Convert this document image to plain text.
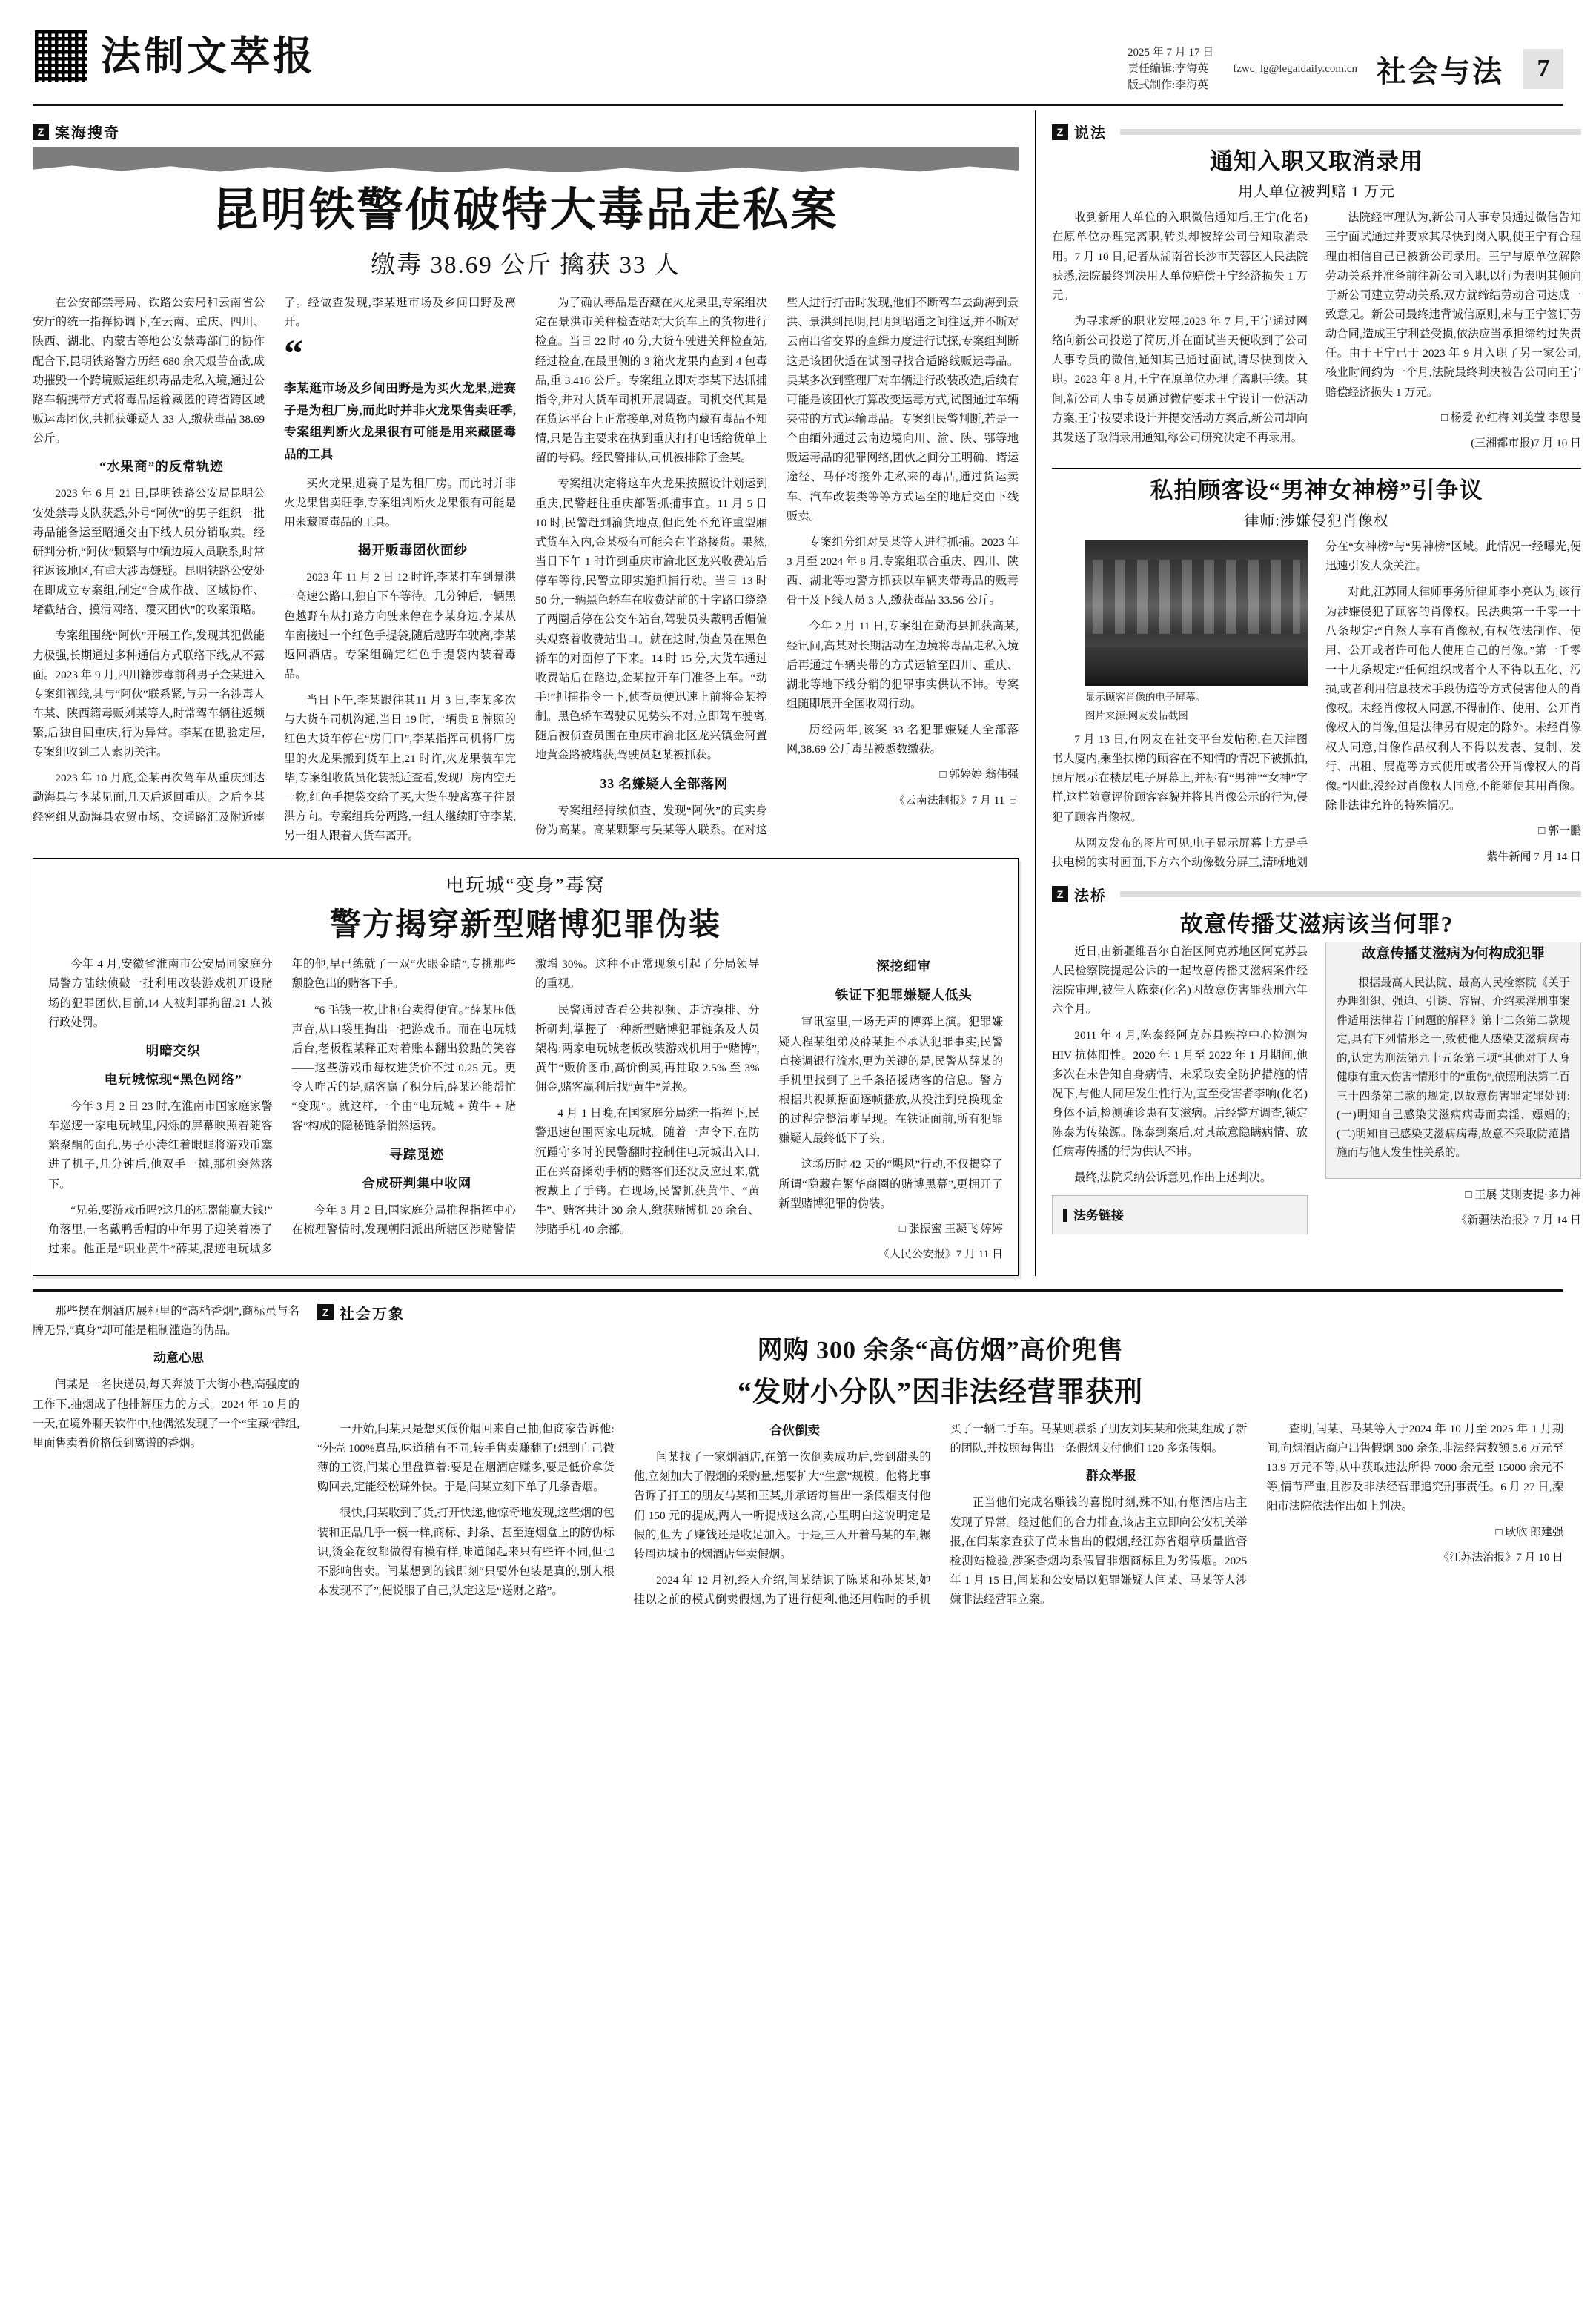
法制文萃报	2025 年 7 月 17 日
责任编辑:李海英
版式制作:李海英
fzwc_lg@legaldaily.com.cn 社会与法	7
Z 案海搜奇
昆明铁警侦破特大毒品走私案
缴毒 38.69 公斤 擒获 33 人

在公安部禁毒局、铁路公安局和云南省公安厅的统一指挥协调下,在云南、重庆、四川、陕西、湖北、内蒙古等地公安禁毒部门的协作配合下,昆明铁路警方历经 680 余天艰苦奋战,成功摧毁一个跨境贩运组织毒品走私入境,通过公路车辆携带方式将毒品运输藏匿的跨省跨区域贩运毒团伙,共抓获嫌疑人 33 人,缴获毒品 38.69 公斤。

“水果商”的反常轨迹

2023 年 6 月 21 日,昆明铁路公安局昆明公安处禁毒支队获悉,外号“阿伙”的男子组织一批毒品能备运至昭通交由下线人员分销取卖。经研判分析,“阿伙”颗繁与中缅边境人员联系,时常往返该地区,有重大涉毒嫌疑。昆明铁路公安处在即成立专案组,制定“合成作战、区域协作、堵截结合、摸清网络、覆灭团伙”的攻案策略。

专案组围绕“阿伙”开展工作,发现其犯做能力极强,长期通过多种通信方式联络下线,从不露面。2023 年 9 月,四川籍涉毒前科男子金某进入专案组视线,其与“阿伙”联系紧,与另一名涉毒人车某、陕西籍毒贩刘某等人,时常驾车辆往返频繁,后独自回重庆,行为异常。李某在勘验定居,专案组收到二人索切关注。

2023 年 10 月底,金某再次驾车从重庆到达勐海县与李某见面,几天后返回重庆。之后李某经密组从勐海县农贸市场、交通路汇及附近瘗子。经做查发现,李某逛市场及乡间田野及离开。

“
李某逛市场及乡间田野是为买火龙果,进赛子是为租厂房,而此时并非火龙果售卖旺季,专案组判断火龙果很有可能是用来藏匿毒品的工具

买火龙果,进赛子是为租厂房。而此时并非火龙果售卖旺季,专案组判断火龙果很有可能是用来藏匿毒品的工具。

揭开贩毒团伙面纱

2023 年 11 月 2 日 12 时许,李某打车到景洪一高速公路口,独自下车等待。几分钟后,一辆黑色越野车从打路方向驶来停在李某身边,李某从车窗接过一个红色手提袋,随后越野车驶离,李某返回酒店。专案组确定红色手提袋内装着毒品。

当日下午,李某跟往其11 月 3 日,李某多次与大货车司机沟通,当日 19 时,一辆贵 E 牌照的红色大货车停在“房门口”,李某指挥司机将厂房里的火龙果搬到货车上,21 时许,火龙果装车完毕,专案组收货员化装抵近查看,发现厂房内空无一物,红色手提袋交给了买,大货车驶离赛子往景洪方向。专案组兵分两路,一组人继续盯守李某,另一组人跟着大货车离开。

为了确认毒品是否藏在火龙果里,专案组决定在景洪市关秤检查站对大货车上的货物进行检查。当日 22 时 40 分,大货车驶进关秤检查站,经过检查,在最里侧的 3 箱火龙果内查到 4 包毒品,重 3.416 公斤。专案组立即对李某下达抓捕指令,并对大货车司机开展调查。司机交代其是在货运平台上正常接单,对货物内藏有毒品不知情,只是告主要求在执到重庆打打电话给货单上留的号码。经民警排认,司机被排除了金某。

专案组决定将这车火龙果按照设计划运到重庆,民警赶往重庆部署抓捕事宜。11 月 5 日 10 时,民警赶到渝货地点,但此处不允许重型厢式货车入内,金某极有可能会在半路接货。果然,当日下午 1 时许到重庆市渝北区龙兴收费站后停车等待,民警立即实施抓捕行动。当日 13 时 50 分,一辆黑色轿车在收费站前的十字路口绕绕了两圈后停在公交车站台,驾驶员头戴鸭舌帽偏头观察着收费站出口。就在这时,侦查员在黑色轿车的对面停了下来。14 时 15 分,大货车通过收费站后在路边,金某拉开车门准备上车。“动手!”抓捕指令一下,侦查员便迅速上前将金某控制。黑色轿车驾驶员见势头不对,立即驾车驶离,随后被侦查员围在重庆市渝北区龙兴镇金河置地黄金路被堵获,驾驶员赵某被抓获。

33 名嫌疑人全部落网

专案组经持续侦查、发现“阿伙”的真实身份为高某。高某颗繁与吴某等人联系。在对这些人进行打击时发现,他们不断驾车去勐海到景洪、景洪到昆明,昆明到昭通之间往返,并不断对云南出省交界的查缉力度进行试探,专案组判断这是该团伙适在试图寻找合适路线贩运毒品。吴某多次到整理厂对车辆进行改装改造,后续有可能是该团伙打算改变运毒方式,试图通过车辆夹带的方式运输毒品。专案组民警判断,若是一个由缅外通过云南边境向川、渝、陕、鄂等地贩运毒品的犯罪网络,团伙之间分工明确、诸运途径、马仔将接外走私来的毒品,通过货运卖车、汽车改装类等等方式运至的地后交由下线贩卖。

专案组分组对吴某等人进行抓捕。2023 年 3 月至 2024 年 8 月,专案组联合重庆、四川、陕西、湖北等地警方抓获以车辆夹带毒品的贩毒骨干及下线人员 3 人,缴获毒品 33.56 公斤。

今年 2 月 11 日,专案组在勐海县抓获高某,经讯问,高某对长期活动在边境将毒品走私入境后再通过车辆夹带的方式运输至四川、重庆、湖北等地下线分销的犯罪事实供认不讳。专案组随即展开全国收网行动。

历经两年,该案 33 名犯罪嫌疑人全部落网,38.69 公斤毒品被悉数缴获。

□ 郭婷婷 翁伟强

《云南法制报》7 月 11 日

电玩城“变身”毒窝
警方揭穿新型赌博犯罪伪装

今年 4 月,安徽省淮南市公安局同家庭分局警方陆续侦破一批利用改装游戏机开设赌场的犯罪团伙,目前,14 人被判罪拘留,21 人被行政处罚。

明暗交织

电玩城惊现“黑色网络”

今年 3 月 2 日 23 时,在淮南市国家庭家警车巡逻一家电玩城里,闪烁的屏幕映照着随客繁聚酮的面孔,男子小涛红着眼眶将游戏币塞进了机子,几分钟后,他双手一摊,那机突然落下。

“兄弟,要游戏币吗?这几的机器能赢大钱!”角落里,一名戴鸭舌帽的中年男子迎笑着凑了过来。他正是“职业黄牛”薛某,混迹电玩城多年的他,早已练就了一双“火眼金睛”,专挑那些颓脸色出的赌客下手。

“6 毛钱一枚,比柜台卖得便宜。”薛某压低声音,从口袋里掏出一把游戏币。而在电玩城后台,老板程某释正对着账本翻出狡黠的笑容——这些游戏币每枚进货价不过 0.25 元。更令人咋舌的是,赌客赢了积分后,薛某还能帮忙“变现”。就这样,一个由“电玩城 + 黄牛 + 赌客”构成的隐秘链条悄然运转。

寻踪觅迹

合成研判集中收网

今年 3 月 2 日,国家庭分局推程指挥中心在梳理警情时,发现朝阳派出所辖区涉赌警情激增 30%。这种不正常现象引起了分局领导的重视。

民警通过查看公共视频、走访摸排、分析研判,掌握了一种新型赌博犯罪链条及人员架构:两家电玩城老板改装游戏机用于“赌博”,黄牛“贩价图币,高价倒卖,再抽取 2.5% 至 3%佣金,赌客赢利后找“黄牛”兑换。

4 月 1 日晚,在国家庭分局统一指挥下,民警迅速包围两家电玩城。随着一声令下,在防沉踵守多时的民警翻时控制住电玩城出入口,正在兴奋搡动手柄的赌客们还没反应过来,就被戴上了手铐。在现场,民警抓获黄牛、“黄牛”、赌客共计 30 余人,缴获赌博机 20 余台、涉赌手机 40 余部。

深挖细审

铁证下犯罪嫌疑人低头

审讯室里,一场无声的博弈上演。犯罪嫌疑人程某组弟及薛某拒不承认犯罪事实,民警直接调银行流水,更为关键的是,民警从薛某的手机里找到了上千条招援赌客的信息。警方根据共视频据面逐帧播放,从投注到兑换现金的过程完整清晰呈现。在铁证面前,所有犯罪嫌疑人最终低下了头。

这场历时 42 天的“飓风”行动,不仅揭穿了所谓“隐藏在繁华商圈的赌博黑幕”,更拥开了新型赌博犯罪的伪装。

□ 张振蜜 王凝飞 婷婷

《人民公安报》7 月 11 日

Z 说法
通知入职又取消录用
用人单位被判赔 1 万元

收到新用人单位的入职微信通知后,王宁(化名)在原单位办理完离职,转头却被辞公司告知取消录用。7 月 10 日,记者从湖南省长沙市芙蓉区人民法院获悉,法院最终判决用人单位赔偿王宁经济损失 1 万元。

为寻求新的职业发展,2023 年 7 月,王宁通过网络向新公司投递了简历,并在面试当天便收到了公司人事专员的微信,通知其已通过面试,请尽快到岗入职。2023 年 8 月,王宁在原单位办理了离职手续。其间,新公司人事专员通过微信要求王宁设计一份活动方案,王宁按要求设计并提交活动方案后,新公司却向其发送了取消录用通知,称公司研究决定不再录用。

法院经审理认为,新公司人事专员通过微信告知王宁面试通过并要求其尽快到岗入职,使王宁有合理理由相信自己已被新公司录用。王宁与原单位解除劳动关系并准备前往新公司入职,以行为表明其倾向于新公司建立劳动关系,双方就缔结劳动合同达成一致意见。新公司最终违背诚信原则,未与王宁签订劳动合同,造成王宁利益受损,依法应当承担缔约过失责任。由于王宁已于 2023 年 9 月入职了另一家公司,核业时间约为一个月,法院最终判决被告公司向王宁赔偿经济损失 1 万元。

□ 杨爱 孙红梅 刘美萱 李思曼

(三湘都市报)7 月 10 日

私拍顾客设“男神女神榜”引争议
律师:涉嫌侵犯肖像权
显示顾客肖像的电子屏幕。
图片来源:网友发帖截图

7 月 13 日,有网友在社交平台发帖称,在天津图书大厦内,乘坐扶梯的顾客在不知情的情况下被抓拍,照片展示在楼层电子屏幕上,并标有“男神”“女神”字样,这样随意评价顾客容貌并将其肖像公示的行为,侵犯了顾客肖像权。

从网友发布的图片可见,电子显示屏幕上方是手扶电梯的实时画面,下方六个动像数分屏三,清晰地划分在“女神榜”与“男神榜”区域。此情况一经曝光,便迅速引发大众关注。

对此,江苏同大律师事务所律师李小亮认为,该行为涉嫌侵犯了顾客的肖像权。民法典第一千零一十八条规定:“自然人享有肖像权,有权依法制作、使用、公开或者许可他人使用自己的肖像。”第一千零一十九条规定:“任何组织或者个人不得以丑化、污损,或者利用信息技术手段伪造等方式侵害他人的肖像权。未经肖像权人同意,不得制作、使用、公开肖像权人的肖像,但是法律另有规定的除外。未经肖像权人同意,肖像作品权利人不得以发表、复制、发行、出租、展览等方式使用或者公开肖像权人的肖像。”因此,没经过肖像权人同意,不能随便其用肖像。除非法律允许的特殊情况。

□ 郭一鹏

紫牛新闻 7 月 14 日

Z 法桥
故意传播艾滋病该当何罪?

近日,由新疆维吾尔自治区阿克苏地区阿克苏县人民检察院提起公诉的一起故意传播艾滋病案件经法院审理,被告人陈泰(化名)因故意伤害罪获刑六年六个月。

2011 年 4 月,陈泰经阿克苏县疾控中心检测为 HIV 抗体阳性。2020 年 1 月至 2022 年 1 月期间,他多次在未告知自身病情、未采取安全防护措施的情况下,与他人同居发生性行为,直至受害者李响(化名)身体不适,检测确诊患有艾滋病。后经警方调查,锁定陈泰为传染源。陈泰到案后,对其故意隐瞒病情、放任病毒传播的行为供认不讳。

最终,法院采纳公诉意见,作出上述判决。

法务链接
故意传播艾滋病为何构成犯罪

根据最高人民法院、最高人民检察院《关于办理组织、强迫、引诱、容留、介绍卖淫刑事案件适用法律若干问题的解释》第十二条第二款规定,具有下列情形之一,致使他人感染艾滋病病毒的,认定为刑法第九十五条第三项“其他对于人身健康有重大伤害”情形中的“重伤”,依照刑法第二百三十四条第二款的规定,以故意伤害罪定罪处罚:(一)明知自己感染艾滋病病毒而卖淫、嫖娼的;(二)明知自己感染艾滋病病毒,故意不采取防范措施而与他人发生性关系的。

□ 王展 艾则麦提·多力神

《新疆法治报》7 月 14 日

那些摆在烟酒店展柜里的“高档香烟”,商标虽与名牌无异,“真身”却可能是粗制滥造的伪品。

动意心思

闫某是一名快递员,每天奔波于大街小巷,高强度的工作下,抽烟成了他排解压力的方式。2024 年 10 月的一天,在境外聊天软件中,他偶然发现了一个“宝藏”群组,里面售卖着价格低到离谱的香烟。

Z 社会万象
网购 300 余条“高仿烟”高价兜售
“发财小分队”因非法经营罪获刑

一开始,闫某只是想买低价烟回来自己抽,但商家告诉他:“外壳 100%真品,味道稍有不同,转手售卖赚翻了!想到自己微薄的工资,闫某心里盘算着:要是在烟酒店赚多,要是低价拿货购回去,定能经松赚外快。于是,闫某立刻下单了几条香烟。

很快,闫某收到了货,打开快递,他惊奇地发现,这些烟的包装和正品几乎一模一样,商标、封条、甚至连烟盒上的防伪标识,烫金花纹都做得有模有样,味道闻起来只有些许不同,但也不影响售卖。闫某想到的钱即刻“只要外包装是真的,别人根本发现不了”,便说服了自己,认定这是“送财之路”。

合伙倒卖

闫某找了一家烟酒店,在第一次倒卖成功后,尝到甜头的他,立刻加大了假烟的采购量,想要扩大“生意”规模。他将此事告诉了打工的朋友马某和王某,并承诺每售出一条假烟支付他们 150 元的提成,两人一听提成这么高,心里明白这说明定是假的,但为了赚钱还是收足加入。于是,三人开着马某的车,辗转周边城市的烟酒店售卖假烟。

2024 年 12 月初,经人介绍,闫某结识了陈某和孙某某,她挂以之前的模式倒卖假烟,为了进行便利,他还用临时的手机买了一辆二手车。马某则联系了朋友刘某某和张某,组成了新的团队,并按照每售出一条假烟支付他们 120 多条假烟。

群众举报

正当他们完成名赚钱的喜悦时刻,殊不知,有烟酒店店主发现了异常。经过他们的合力排查,该店主立即向公安机关举报,在闫某家查获了尚未售出的假烟,经江苏省烟草质量监督检测站检验,涉案香烟均系假冒非烟商标且为劣假烟。2025 年 1 月 15 日,闫某和公安局以犯罪嫌疑人闫某、马某等人涉嫌非法经营罪立案。

查明,闫某、马某等人于2024 年 10 月至 2025 年 1 月期间,向烟酒店商户出售假烟 300 余条,非法经营数额 5.6 万元至 13.9 万元不等,从中获取违法所得 7000 余元至 15000 余元不等,情节严重,且涉及非法经营罪追究刑事责任。6 月 27 日,溧阳市法院依法作出如上判决。

□ 耿欣 郎建强

《江苏法治报》7 月 10 日
